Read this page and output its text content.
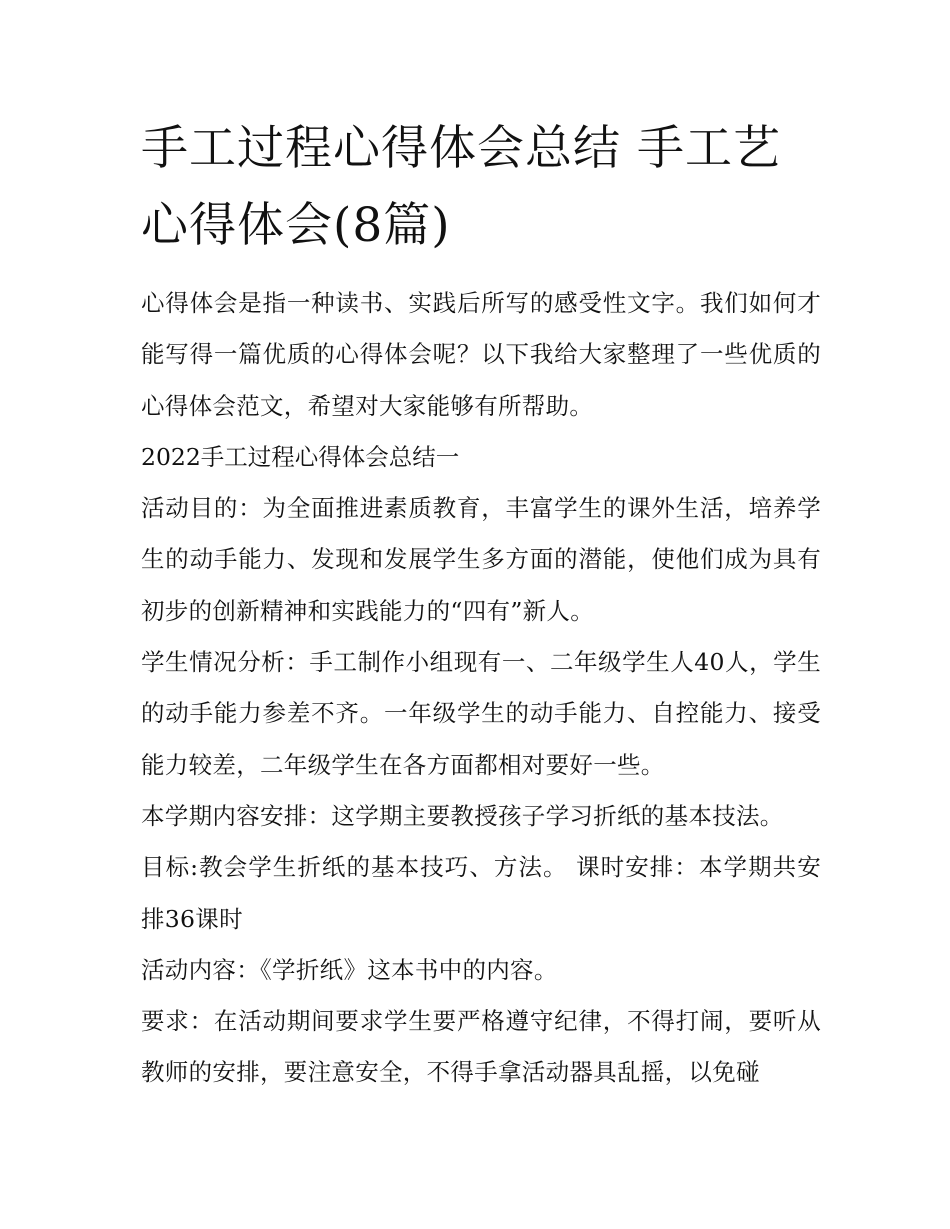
手工过程心得体会总结 手工艺心得体会(8篇)

心得体会是指一种读书、实践后所写的感受性文字。我们如何才能写得一篇优质的心得体会呢？以下我给大家整理了一些优质的心得体会范文，希望对大家能够有所帮助。

2022手工过程心得体会总结一

活动目的：为全面推进素质教育，丰富学生的课外生活，培养学生的动手能力、发现和发展学生多方面的潜能，使他们成为具有初步的创新精神和实践能力的“四有”新人。

学生情况分析：手工制作小组现有一、二年级学生人40人，学生的动手能力参差不齐。一年级学生的动手能力、自控能力、接受能力较差，二年级学生在各方面都相对要好一些。

本学期内容安排：这学期主要教授孩子学习折纸的基本技法。

目标:教会学生折纸的基本技巧、方法。 课时安排：本学期共安排36课时

活动内容：《学折纸》这本书中的内容。

要求：在活动期间要求学生要严格遵守纪律，不得打闹，要听从教师的安排，要注意安全，不得手拿活动器具乱摇，以免碰
